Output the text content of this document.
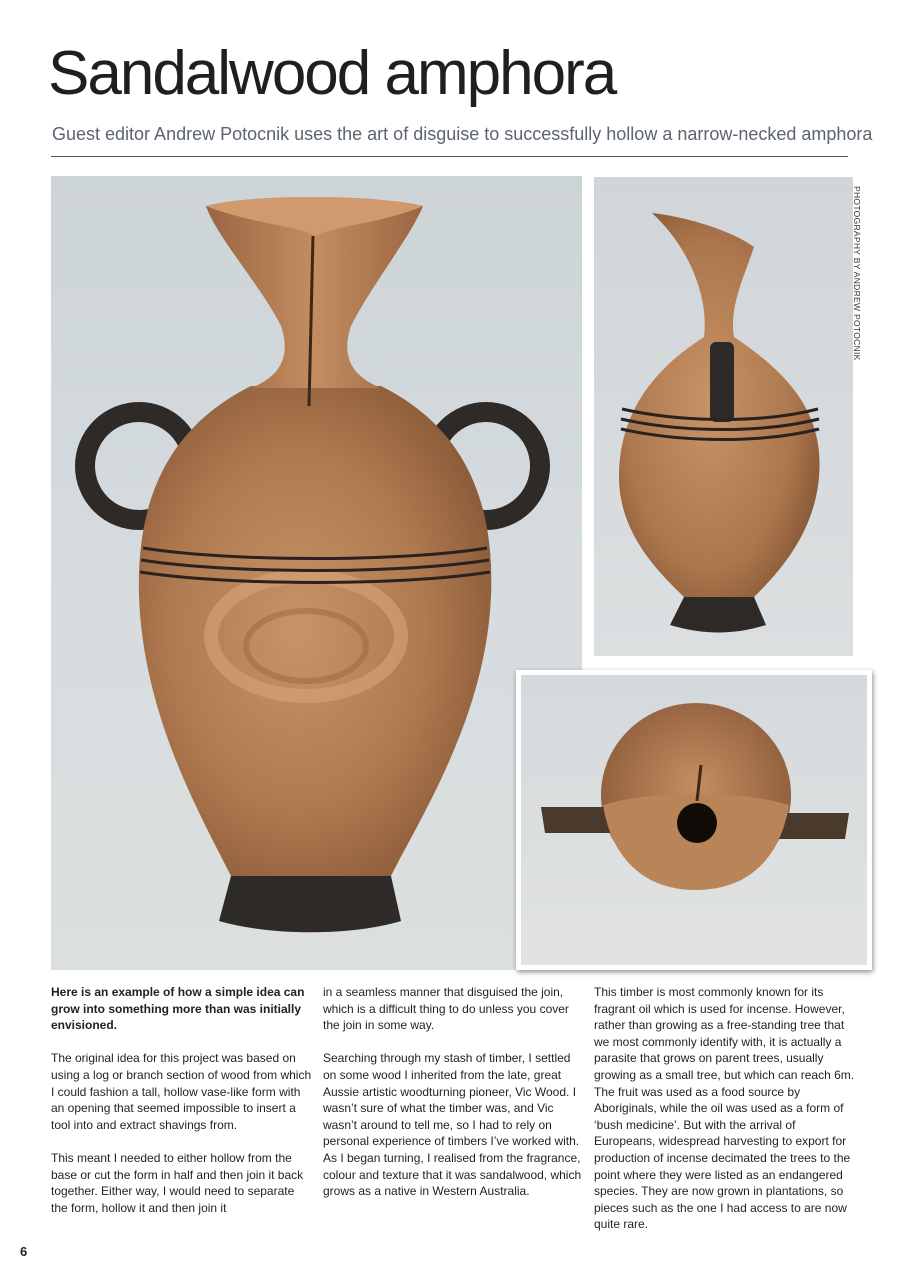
Sandalwood amphora
Guest editor Andrew Potocnik uses the art of disguise to successfully hollow a narrow-necked amphora
PHOTOGRAPHY BY ANDREW POTOCNIK

Here is an example of how a simple idea can grow into something more than was initially envisioned.

The original idea for this project was based on using a log or branch section of wood from which I could fashion a tall, hollow vase-like form with an opening that seemed impossible to insert a tool into and extract shavings from.

This meant I needed to either hollow from the base or cut the form in half and then join it back together. Either way, I would need to separate the form, hollow it and then join it

in a seamless manner that disguised the join, which is a difficult thing to do unless you cover the join in some way.

Searching through my stash of timber, I settled on some wood I inherited from the late, great Aussie artistic woodturning pioneer, Vic Wood. I wasn’t sure of what the timber was, and Vic wasn’t around to tell me, so I had to rely on personal experience of timbers I’ve worked with. As I began turning, I realised from the fragrance, colour and texture that it was sandalwood, which grows as a native in Western Australia.

This timber is most commonly known for its fragrant oil which is used for incense. However, rather than growing as a free-standing tree that we most commonly identify with, it is actually a parasite that grows on parent trees, usually growing as a small tree, but which can reach 6m. The fruit was used as a food source by Aboriginals, while the oil was used as a form of ‘bush medicine’. But with the arrival of Europeans, widespread harvesting to export for production of incense decimated the trees to the point where they were listed as an endangered species. They are now grown in plantations, so pieces such as the one I had access to are now quite rare.

6
